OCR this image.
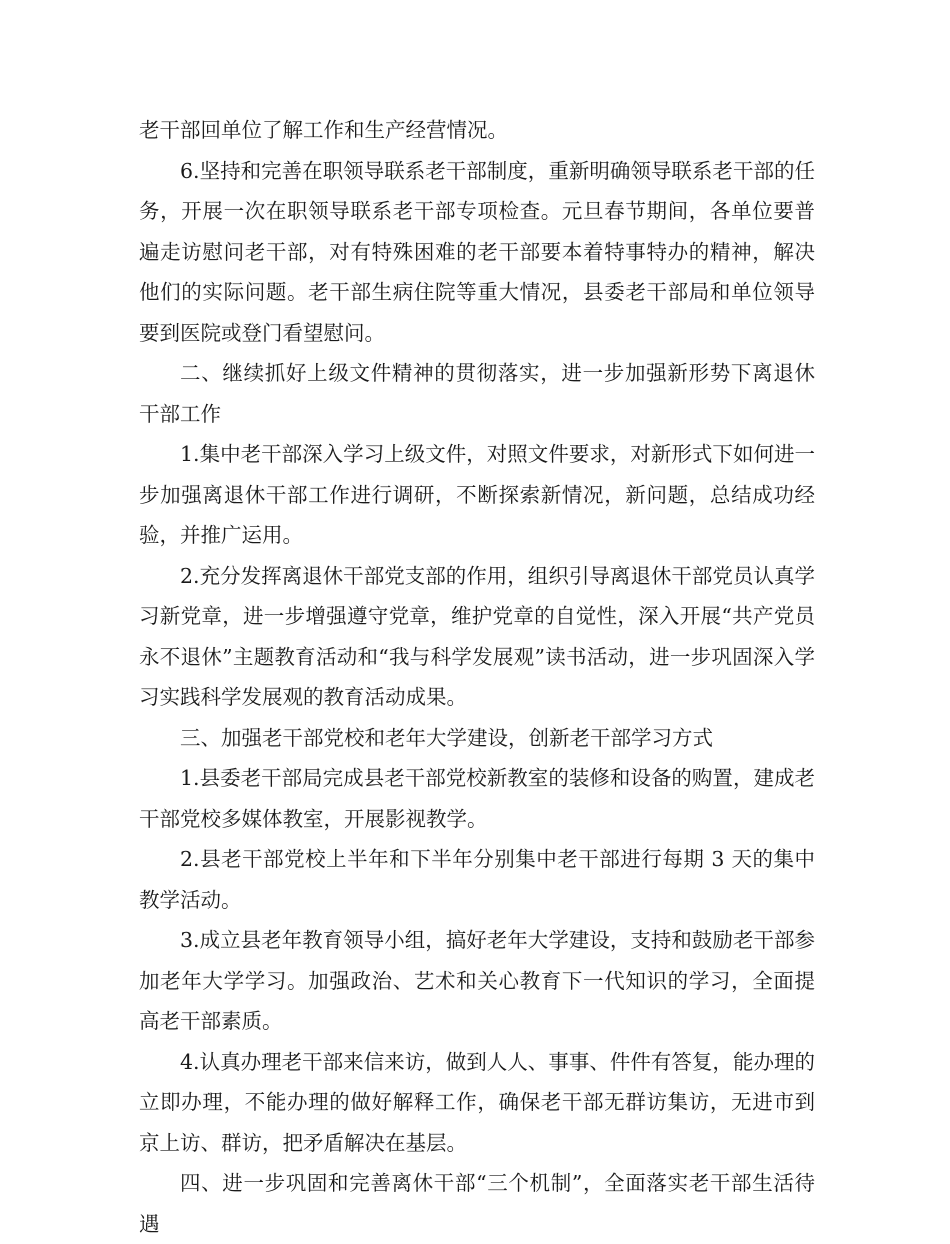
老干部回单位了解工作和生产经营情况。

6.坚持和完善在职领导联系老干部制度，重新明确领导联系老干部的任务，开展一次在职领导联系老干部专项检查。元旦春节期间，各单位要普遍走访慰问老干部，对有特殊困难的老干部要本着特事特办的精神，解决他们的实际问题。老干部生病住院等重大情况，县委老干部局和单位领导要到医院或登门看望慰问。

二、继续抓好上级文件精神的贯彻落实，进一步加强新形势下离退休干部工作

1.集中老干部深入学习上级文件，对照文件要求，对新形式下如何进一步加强离退休干部工作进行调研，不断探索新情况，新问题，总结成功经验，并推广运用。

2.充分发挥离退休干部党支部的作用，组织引导离退休干部党员认真学习新党章，进一步增强遵守党章，维护党章的自觉性，深入开展“共产党员永不退休”主题教育活动和“我与科学发展观”读书活动，进一步巩固深入学习实践科学发展观的教育活动成果。

三、加强老干部党校和老年大学建设，创新老干部学习方式

1.县委老干部局完成县老干部党校新教室的装修和设备的购置，建成老干部党校多媒体教室，开展影视教学。

2.县老干部党校上半年和下半年分别集中老干部进行每期 3 天的集中教学活动。

3.成立县老年教育领导小组，搞好老年大学建设，支持和鼓励老干部参加老年大学学习。加强政治、艺术和关心教育下一代知识的学习，全面提高老干部素质。

4.认真办理老干部来信来访，做到人人、事事、件件有答复，能办理的立即办理，不能办理的做好解释工作，确保老干部无群访集访，无进市到京上访、群访，把矛盾解决在基层。

四、进一步巩固和完善离休干部“三个机制”，全面落实老干部生活待遇
